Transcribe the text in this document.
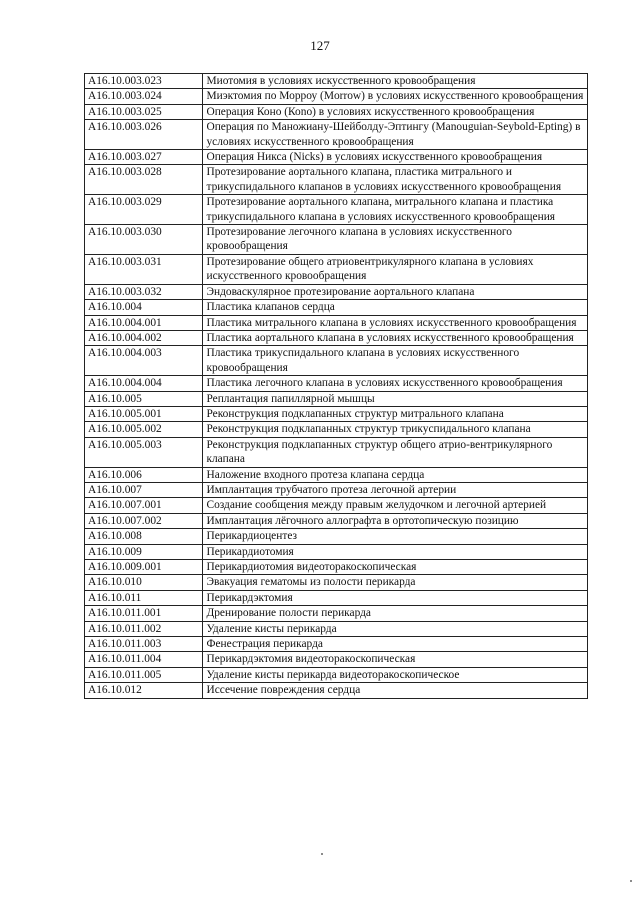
127
A16.10.003.023	Миотомия в условиях искусственного кровообращения
A16.10.003.024	Миэктомия по Морроу (Morrow) в условиях искусственного кровообращения
A16.10.003.025	Операция Коно (Коnо) в условиях искусственного кровообращения
A16.10.003.026	Операция по Маножиану-Шейболду-Эптингу (Manouguian-Seybold-Epting) в условиях искусственного кровообращения
A16.10.003.027	Операция Никса (Nicks) в условиях искусственного кровообращения
A16.10.003.028	Протезирование аортального клапана, пластика митрального и трикуспидального клапанов в условиях искусственного кровообращения
A16.10.003.029	Протезирование аортального клапана, митрального клапана и пластика трикуспидального клапана в условиях искусственного кровообращения
A16.10.003.030	Протезирование легочного клапана в условиях искусственного кровообращения
A16.10.003.031	Протезирование общего атриовентрикулярного клапана в условиях искусственного кровообращения
A16.10.003.032	Эндоваскулярное протезирование аортального клапана
A16.10.004	Пластика клапанов сердца
A16.10.004.001	Пластика митрального клапана в условиях искусственного кровообращения
A16.10.004.002	Пластика аортального клапана в условиях искусственного кровообращения
A16.10.004.003	Пластика трикуспидального клапана в условиях искусственного кровообращения
A16.10.004.004	Пластика легочного клапана в условиях искусственного кровообращения
A16.10.005	Реплантация папиллярной мышцы
A16.10.005.001	Реконструкция подклапанных структур митрального клапана
A16.10.005.002	Реконструкция подклапанных структур трикуспидального клапана
A16.10.005.003	Реконструкция подклапанных структур общего атрио-вентрикулярного клапана
A16.10.006	Наложение входного протеза клапана сердца
A16.10.007	Имплантация трубчатого протеза легочной артерии
A16.10.007.001	Создание сообщения между правым желудочком и легочной артерией
A16.10.007.002	Имплантация лёгочного аллографта в ортотопическую позицию
A16.10.008	Перикардиоцентез
A16.10.009	Перикардиотомия
A16.10.009.001	Перикардиотомия видеоторакоскопическая
A16.10.010	Эвакуация гематомы из полости перикарда
A16.10.011	Перикардэктомия
A16.10.011.001	Дренирование полости перикарда
A16.10.011.002	Удаление кисты перикарда
A16.10.011.003	Фенестрация перикарда
A16.10.011.004	Перикардэктомия видеоторакоскопическая
A16.10.011.005	Удаление кисты перикарда видеоторакоскопическое
A16.10.012	Иссечение повреждения сердца
